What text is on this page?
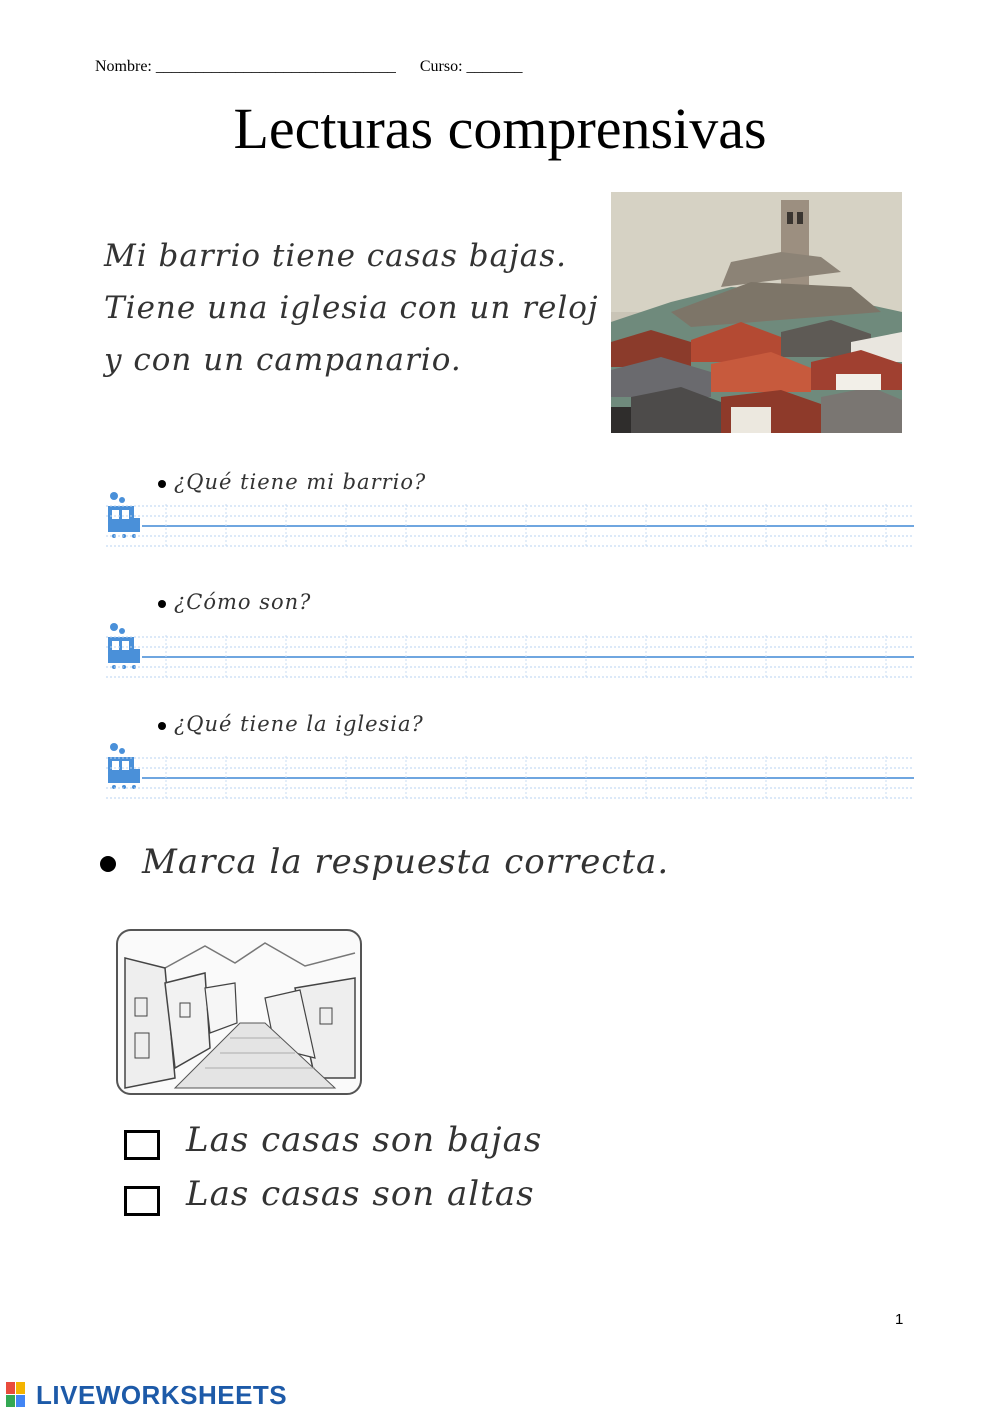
Nombre: ______________________________ Curso: _______
Lecturas comprensivas
Mi barrio tiene casas bajas.
Tiene una iglesia con un reloj
y con un campanario.
¿Qué tiene mi barrio?
¿Cómo son?
¿Qué tiene la iglesia?
Marca la respuesta correcta.
Las casas son bajas
Las casas son altas
1
LIVEWORKSHEETS
